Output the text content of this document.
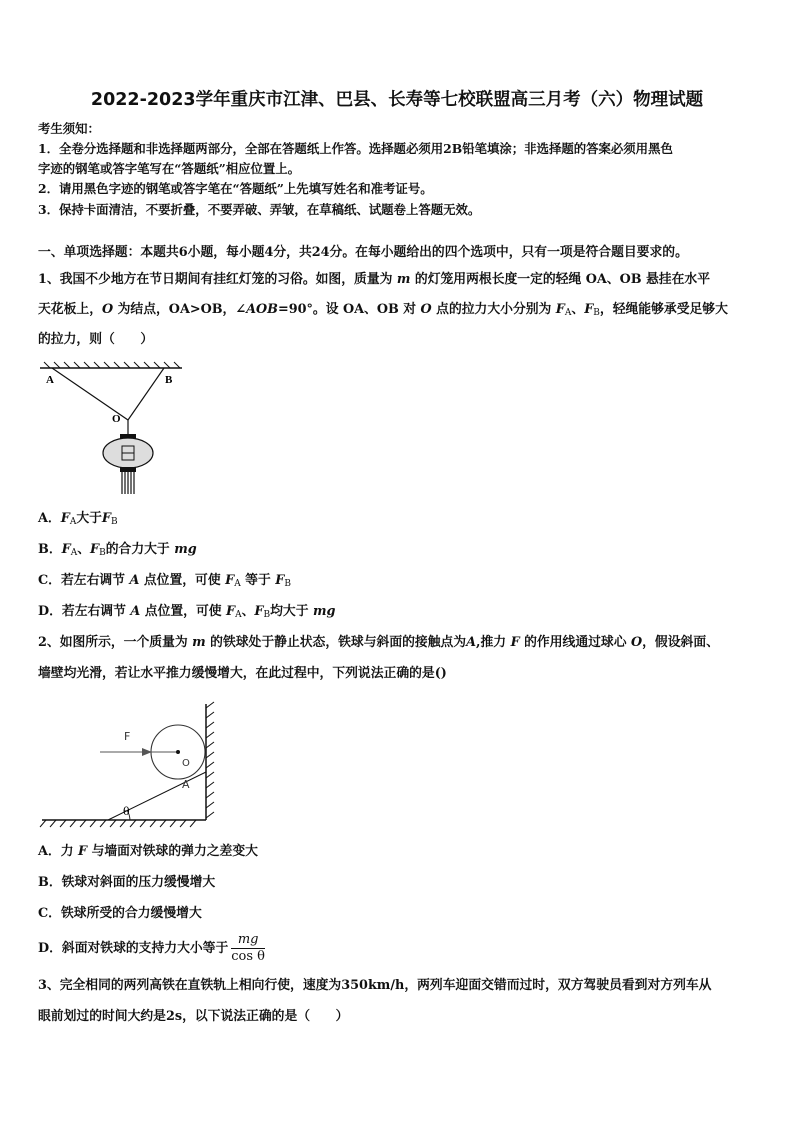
2022-2023学年重庆市江津、巴县、长寿等七校联盟高三月考（六）物理试题
考生须知：
1．全卷分选择题和非选择题两部分，全部在答题纸上作答。选择题必须用2B铅笔填涂；非选择题的答案必须用黑色
字迹的钢笔或答字笔写在“答题纸”相应位置上。
2．请用黑色字迹的钢笔或答字笔在“答题纸”上先填写姓名和准考证号。
3．保持卡面清洁，不要折叠，不要弄破、弄皱，在草稿纸、试题卷上答题无效。
一、单项选择题：本题共6小题，每小题4分，共24分。在每小题给出的四个选项中，只有一项是符合题目要求的。
1、我国不少地方在节日期间有挂红灯笼的习俗。如图，质量为 m 的灯笼用两根长度一定的轻绳 OA、OB 悬挂在水平
天花板上，O 为结点，OA>OB，∠AOB=90°。设 OA、OB 对 O 点的拉力大小分别为 $F_A$、$F_B$，轻绳能够承受足够大
的拉力，则（　　）
A	B
O
A．$F_A$大于$F_B$
B．$F_A$、$F_B$的合力大于 mg
C．若左右调节 A 点位置，可使 $F_A$ 等于 $F_B$
D．若左右调节 A 点位置，可使 $F_A$、$F_B$均大于 mg
2、如图所示，一个质量为 m 的铁球处于静止状态，铁球与斜面的接触点为A,推力 F 的作用线通过球心 O，假设斜面、
墙壁均光滑，若让水平推力缓慢增大，在此过程中，下列说法正确的是()
θ
F
O
A
A．力 F 与墙面对铁球的弹力之差变大
B．铁球对斜面的压力缓慢增大
C．铁球所受的合力缓慢增大
D．斜面对铁球的支持力大小等于 $\frac{mg}{\text{cos θ}}$
3、完全相同的两列高铁在直铁轨上相向行使，速度为350km/h，两列车迎面交错而过时，双方驾驶员看到对方列车从
眼前划过的时间大约是2s，以下说法正确的是（　　）
